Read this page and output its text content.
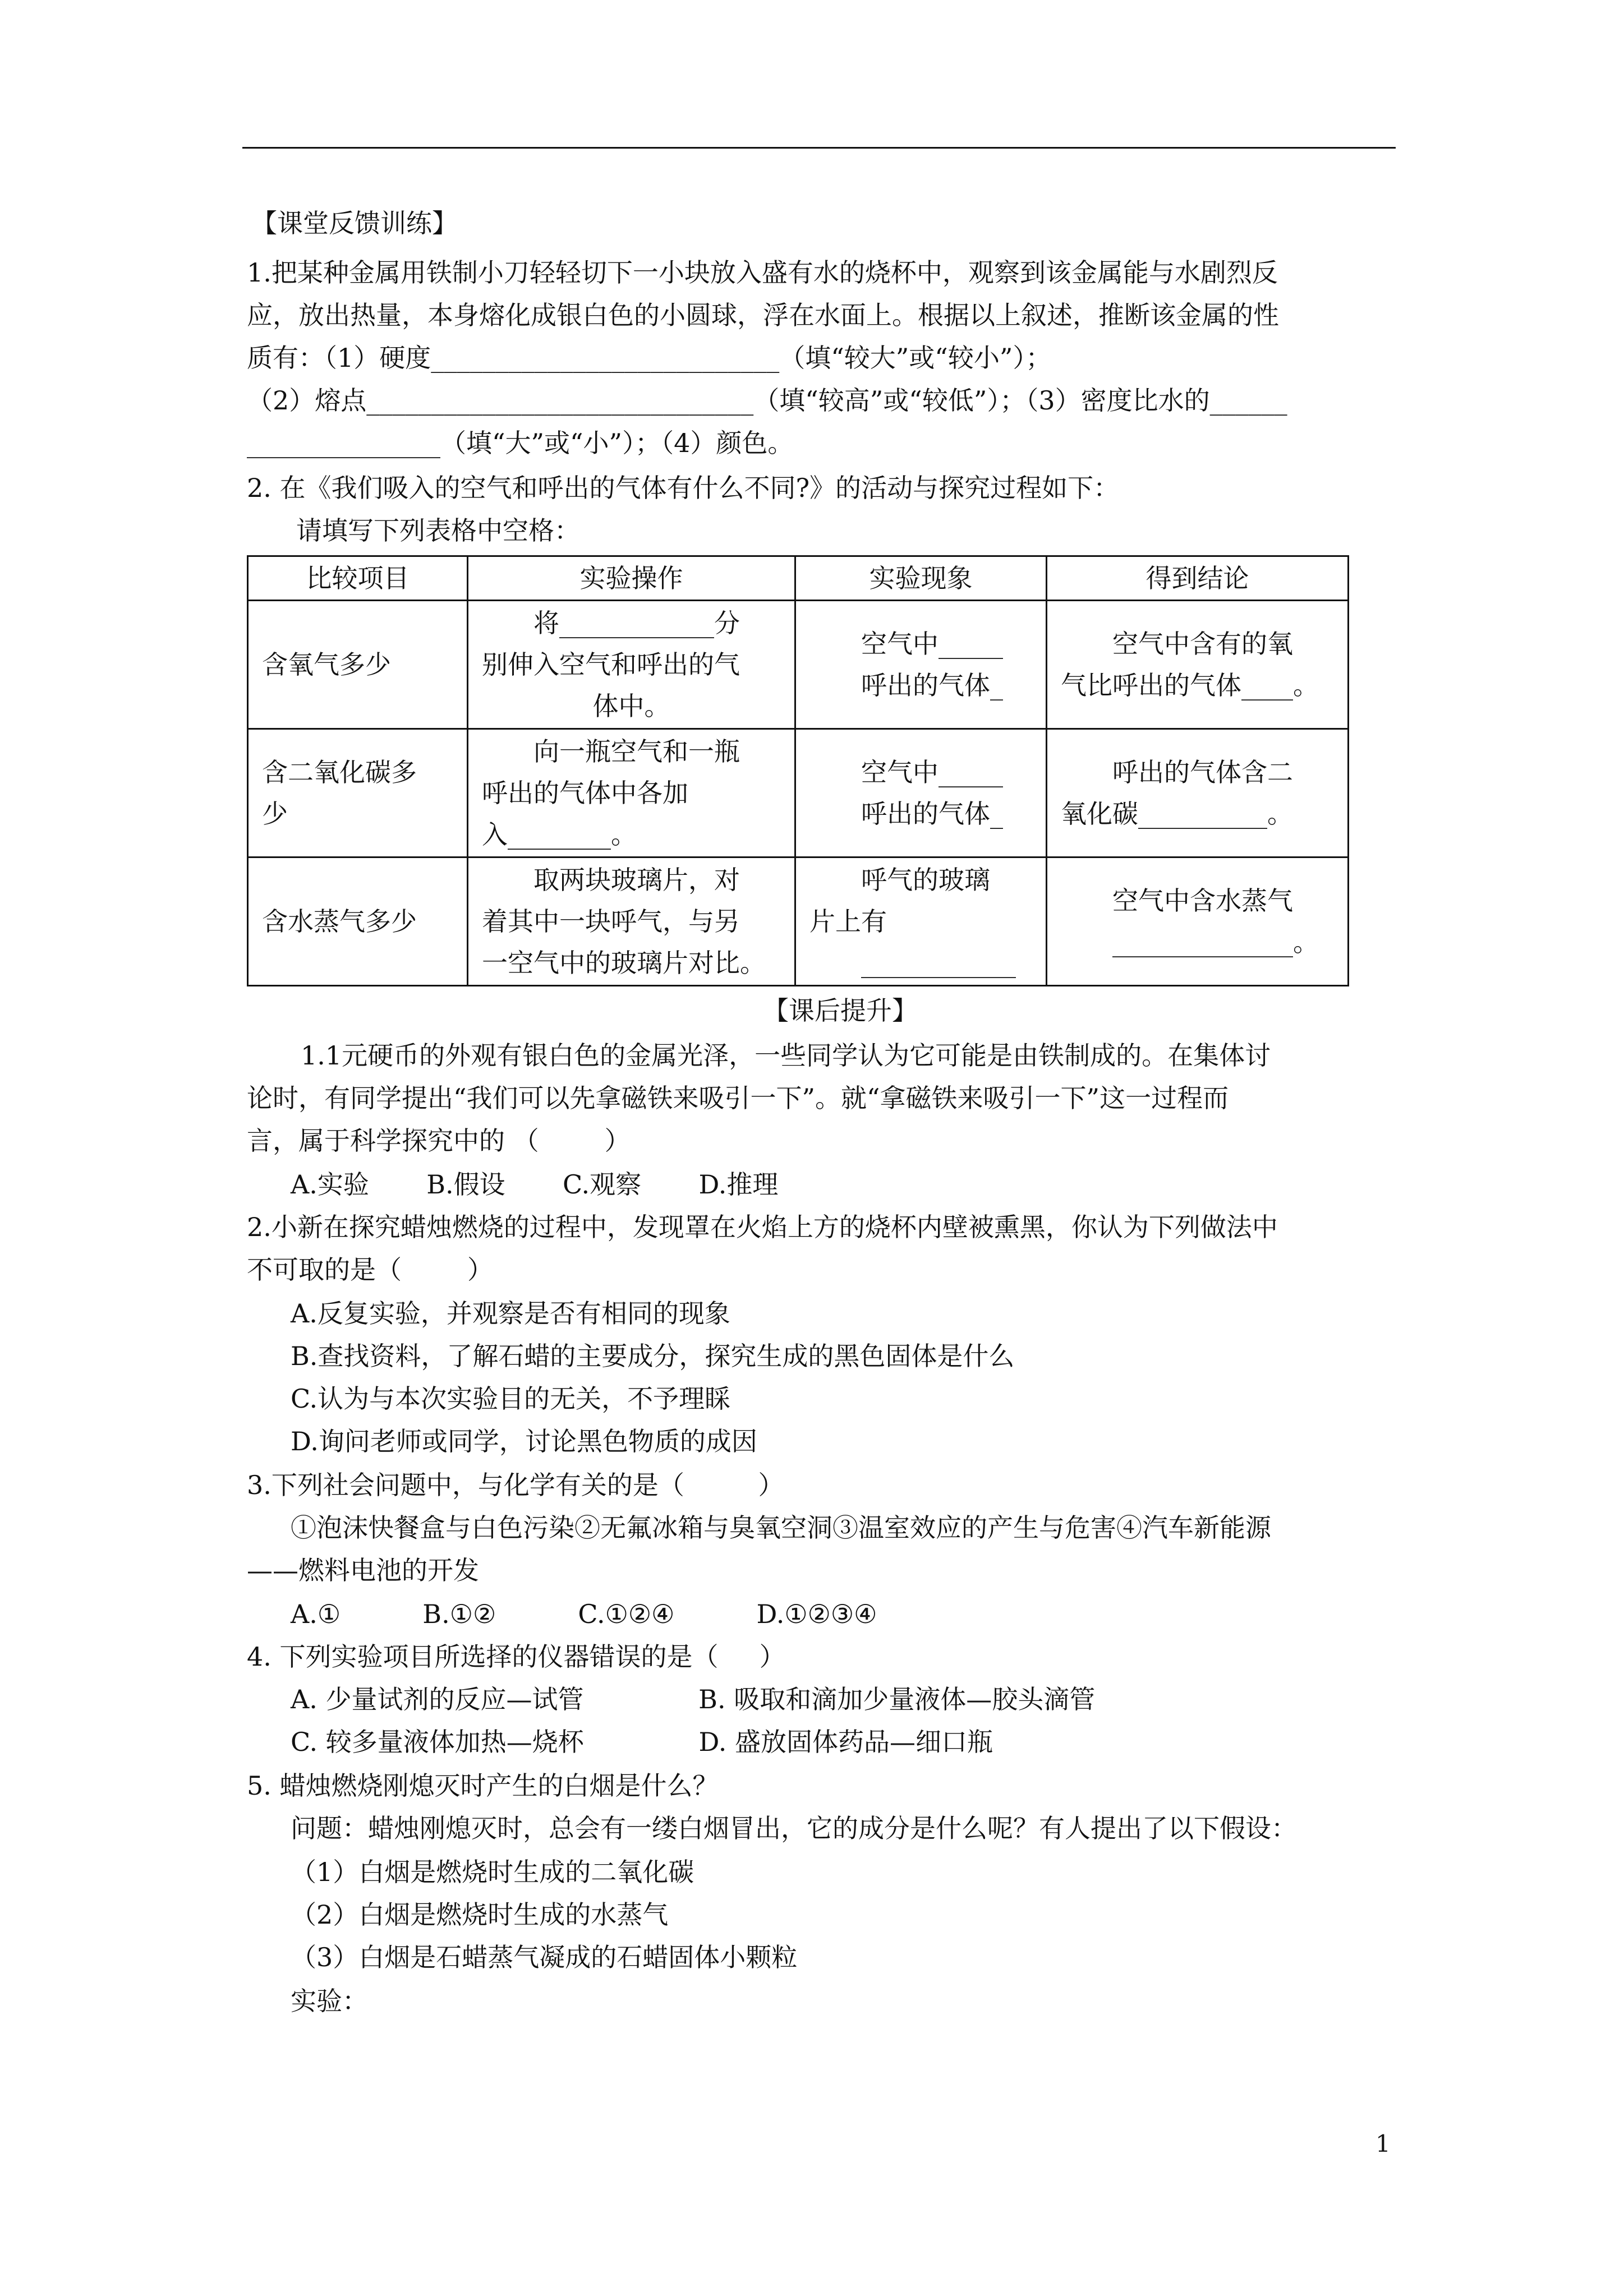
【课堂反馈训练】
1.把某种金属用铁制小刀轻轻切下一小块放入盛有水的烧杯中，观察到该金属能与水剧烈反
应，放出热量，本身熔化成银白色的小圆球，浮在水面上。根据以上叙述，推断该金属的性
质有：（1）硬度___________________________（填“较大”或“较小”）；
（2）熔点______________________________（填“较高”或“较低”）；（3）密度比水的______
_______________（填“大”或“小”）；（4）颜色。
2. 在《我们吸入的空气和呼出的气体有什么不同?》的活动与探究过程如下：
请填写下列表格中空格：
比较项目	实验操作	实验现象	得到结论

含氧气多少	将____________分
别伸入空气和呼出的气
体中。	空气中_____
呼出的气体_	空气中含有的氧
气比呼出的气体____。

含二氧化碳多
少	向一瓶空气和一瓶
呼出的气体中各加
入________。	空气中_____
呼出的气体_	呼出的气体含二
氧化碳__________。

含水蒸气多少	取两块玻璃片，对
着其中一块呼气，与另
一空气中的玻璃片对比。	呼气的玻璃
片上有
____________	空气中含水蒸气
______________。
【课后提升】
1.1元硬币的外观有银白色的金属光泽，一些同学认为它可能是由铁制成的。在集体讨
论时，有同学提出“我们可以先拿磁铁来吸引一下”。就“拿磁铁来吸引一下”这一过程而
言，属于科学探究中的 （        ）
A.实验       B.假设       C.观察       D.推理
2.小新在探究蜡烛燃烧的过程中，发现罩在火焰上方的烧杯内壁被熏黑，你认为下列做法中
不可取的是（        ）
A.反复实验，并观察是否有相同的现象
B.查找资料，了解石蜡的主要成分，探究生成的黑色固体是什么
C.认为与本次实验目的无关，不予理睬
D.询问老师或同学，讨论黑色物质的成因
3.下列社会问题中，与化学有关的是（         ）
①泡沫快餐盒与白色污染②无氟冰箱与臭氧空洞③温室效应的产生与危害④汽车新能源
——燃料电池的开发
A.①          B.①②          C.①②④          D.①②③④
4. 下列实验项目所选择的仪器错误的是（     ）
A. 少量试剂的反应—试管              B. 吸取和滴加少量液体—胶头滴管
C. 较多量液体加热—烧杯              D. 盛放固体药品—细口瓶
5. 蜡烛燃烧刚熄灭时产生的白烟是什么？
问题：蜡烛刚熄灭时，总会有一缕白烟冒出，它的成分是什么呢？有人提出了以下假设：
（1）白烟是燃烧时生成的二氧化碳
（2）白烟是燃烧时生成的水蒸气
（3）白烟是石蜡蒸气凝成的石蜡固体小颗粒
实验：
1
